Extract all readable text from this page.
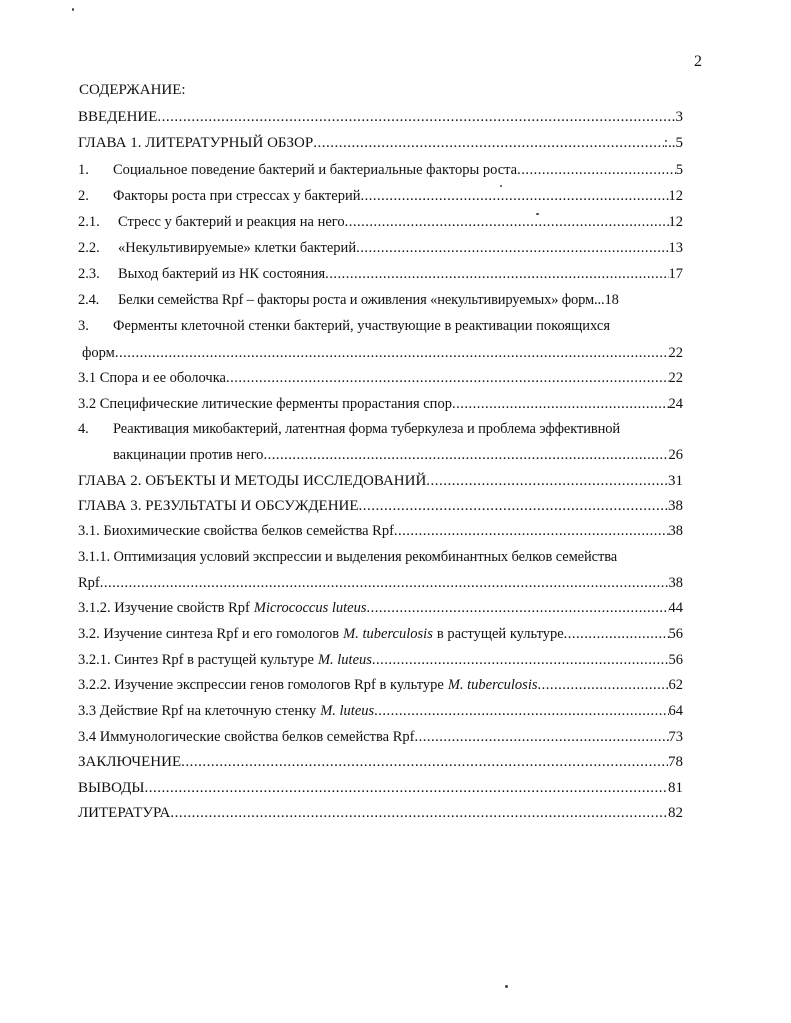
2
СОДЕРЖАНИЕ:
ВВЕДЕНИЕ .....	3
ГЛАВА 1. ЛИТЕРАТУРНЫЙ ОБЗОР .....	:..5
1.	Социальное поведение бактерий и бактериальные факторы роста .....	5
2.	Факторы роста при стрессах у бактерий .....	12
2.1.	Стресс у бактерий и реакция на него .....	12
2.2.	«Некультивируемые» клетки бактерий .....	13
2.3.	Выход бактерий из НК состояния .....	17
2.4.	Белки семейства Rpf – факторы роста и оживления «некультивируемых» форм ...18
3.	Ферменты клеточной стенки бактерий, участвующие в реактивации покоящихся
форм .....	22
3.1 Спора и ее оболочка .....	22
3.2 Специфические литические ферменты прорастания спор .....	24
4.	Реактивация микобактерий, латентная форма туберкулеза и проблема эффективной
вакцинации против него .....	26
ГЛАВА 2. ОБЪЕКТЫ И МЕТОДЫ ИССЛЕДОВАНИЙ .....	31
ГЛАВА 3. РЕЗУЛЬТАТЫ И ОБСУЖДЕНИЕ .....	38
3.1. Биохимические свойства белков семейства Rpf .....	38
3.1.1. Оптимизация условий экспрессии и выделения рекомбинантных белков семейства
Rpf .....	38
3.1.2. Изучение свойств Rpf Micrococcus luteus .....	44
3.2. Изучение синтеза Rpf и его гомологов M. tuberculosis в растущей культуре .....	56
3.2.1. Синтез Rpf в растущей культуре M. luteus .....	56
3.2.2. Изучение экспрессии генов гомологов Rpf в культуре M. tuberculosis .....	62
3.3 Действие Rpf на клеточную стенку M. luteus .....	64
3.4 Иммунологические свойства белков семейства Rpf .....	73
ЗАКЛЮЧЕНИЕ .....	78
ВЫВОДЫ .....	81
ЛИТЕРАТУРА .....	82
